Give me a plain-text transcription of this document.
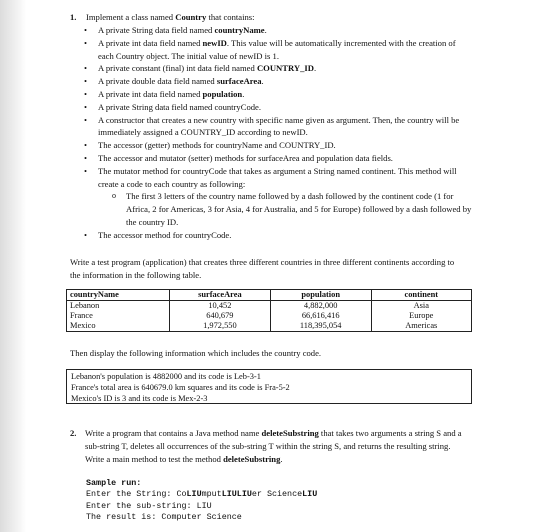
1. Implement a class named Country that contains:
• A private String data field named countryName.
• A private int data field named newID. This value will be automatically incremented with the creation of each Country object. The initial value of newID is 1.
• A private constant (final) int data field named COUNTRY_ID.
• A private double data field named surfaceArea.
• A private int data field named population.
• A private String data field named countryCode.
• A constructor that creates a new country with specific name given as argument. Then, the country will be immediately assigned a COUNTRY_ID according to newID.
• The accessor (getter) methods for countryName and COUNTRY_ID.
• The accessor and mutator (setter) methods for surfaceArea and population data fields.
• The mutator method for countryCode that takes as argument a String named continent. This method will create a code to each country as following:
o The first 3 letters of the country name followed by a dash followed by the continent code (1 for Africa, 2 for Americas, 3 for Asia, 4 for Australia, and 5 for Europe) followed by a dash followed by the country ID.
• The accessor method for countryCode.
Write a test program (application) that creates three different countries in three different continents according to the information in the following table.
countryName	surfaceArea	population	continent
Lebanon	10,452	4,882,000	Asia
France	640,679	66,616,416	Europe
Mexico	1,972,550	118,395,054	Americas
Then display the following information which includes the country code.
Lebanon's population is 4882000 and its code is Leb-3-1
France's total area is 640679.0 km squares and its code is Fra-5-2
Mexico's ID is 3 and its code is Mex-2-3
2. Write a program that contains a Java method name deleteSubstring that takes two arguments a string S and a sub-string T, deletes all occurrences of the sub-string T within the string S, and returns the resulting string. Write a main method to test the method deleteSubstring.
Sample run:
Enter the String: CoLIUmputLIULIUer ScienceLIU
Enter the sub-string: LIU
The result is: Computer Science
